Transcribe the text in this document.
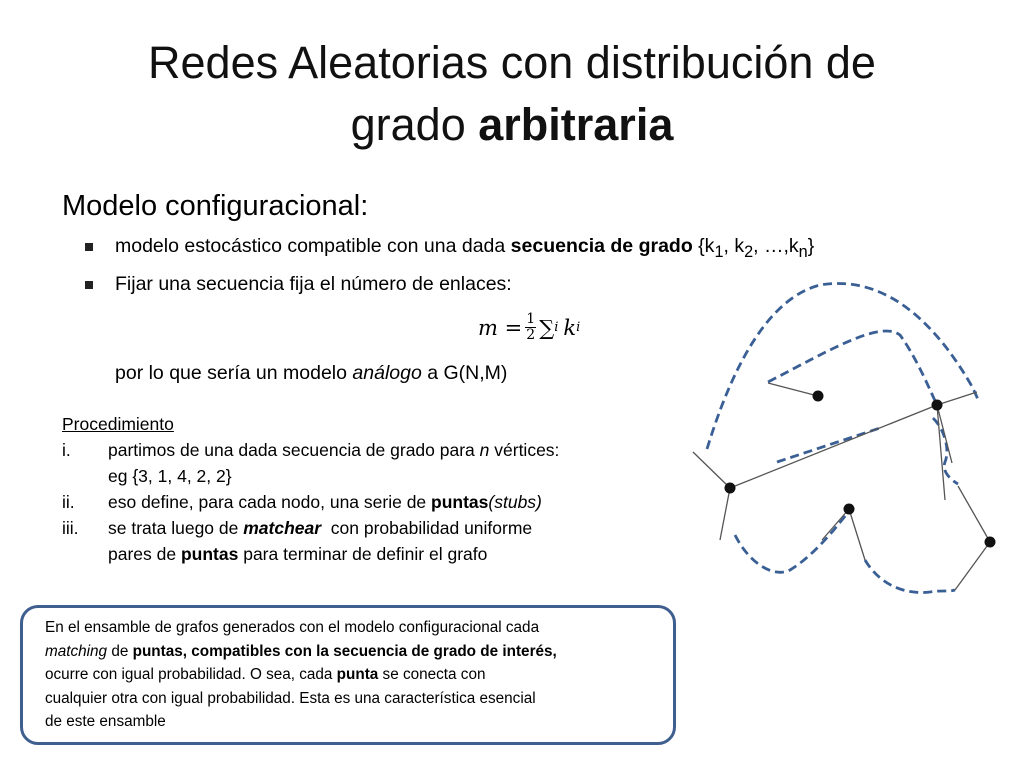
Redes Aleatorias con distribución de
grado arbitraria
Modelo configuracional:
modelo estocástico compatible con una dada secuencia de grado {$k_1$, $k_2$, $\dots,k_n$}
Fijar una secuencia fija el número de enlaces:
$m = \frac{1}{2}$ ∑ i k i
por lo que sería un modelo análogo a G(N,M)
Procedimiento
i.	partimos de una dada secuencia de grado para n vértices:
eg {3, 1, 4, 2, 2}
ii.	eso define, para cada nodo, una serie de puntas(stubs)
iii.	se trata luego de matchear  con probabilidad uniforme
pares de puntas para terminar de definir el grafo
En el ensamble de grafos generados con el modelo configuracional cada
matching de puntas, compatibles con la secuencia de grado de interés,
ocurre con igual probabilidad. O sea, cada punta se conecta con
cualquier otra con igual probabilidad. Esta es una característica esencial
de este ensamble
